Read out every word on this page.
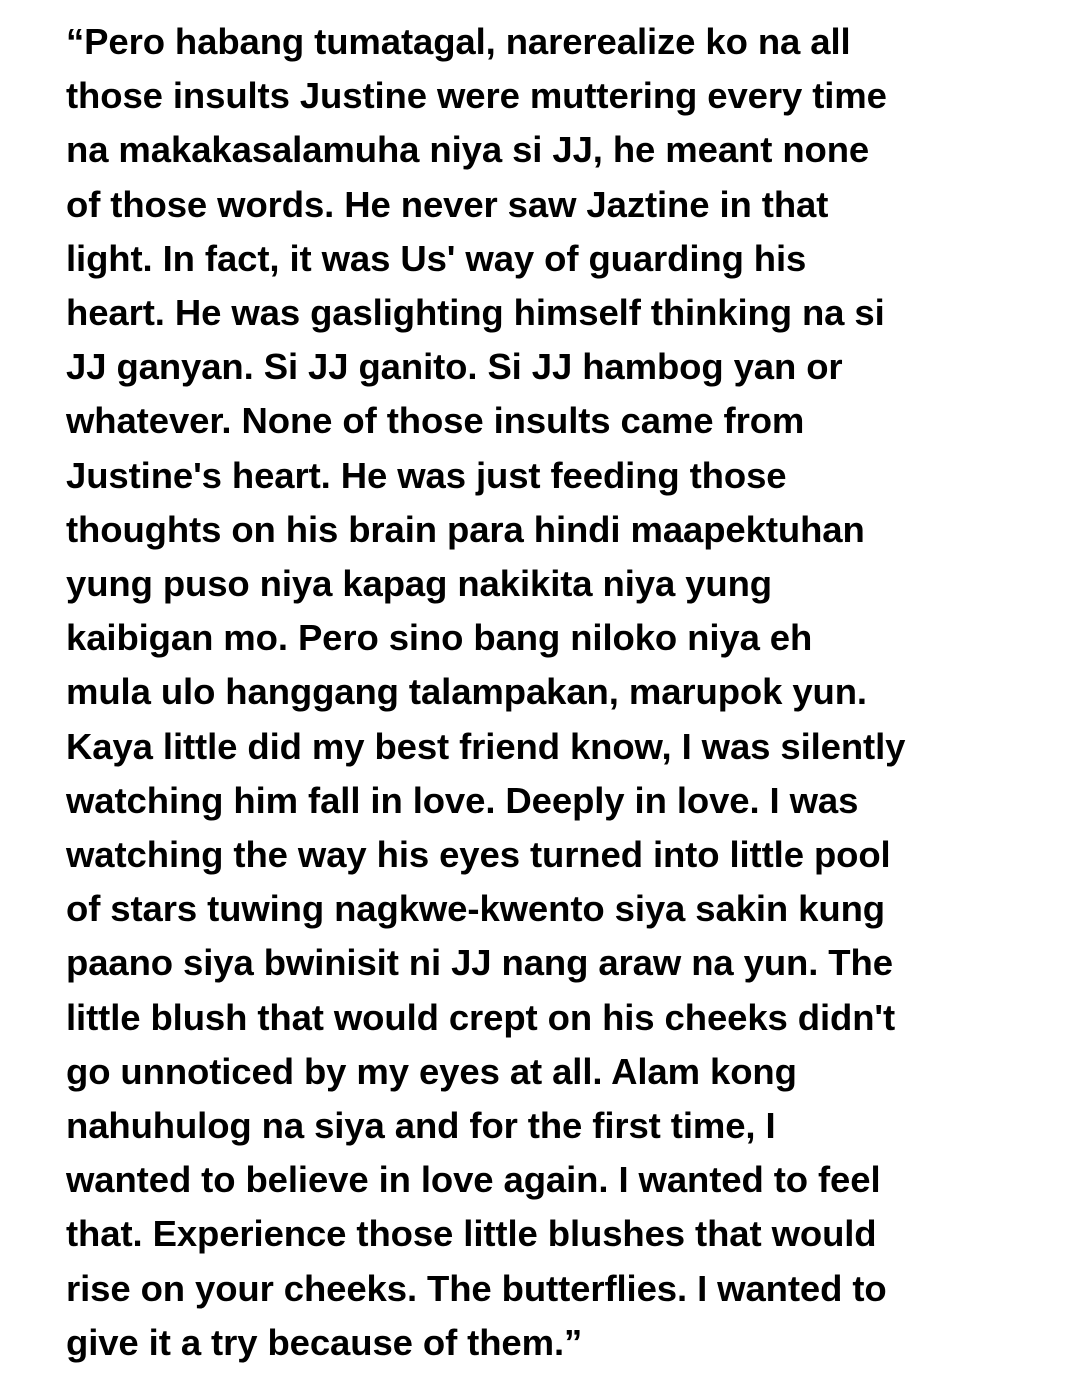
“Pero habang tumatagal, narerealize ko na all
those insults Justine were muttering every time
na makakasalamuha niya si JJ, he meant none
of those words. He never saw Jaztine in that
light. In fact, it was Us' way of guarding his
heart. He was gaslighting himself thinking na si
JJ ganyan. Si JJ ganito. Si JJ hambog yan or
whatever. None of those insults came from
Justine's heart. He was just feeding those
thoughts on his brain para hindi maapektuhan
yung puso niya kapag nakikita niya yung
kaibigan mo. Pero sino bang niloko niya eh
mula ulo hanggang talampakan, marupok yun.
Kaya little did my best friend know, I was silently
watching him fall in love. Deeply in love. I was
watching the way his eyes turned into little pool
of stars tuwing nagkwe-kwento siya sakin kung
paano siya bwinisit ni JJ nang araw na yun. The
little blush that would crept on his cheeks didn't
go unnoticed by my eyes at all. Alam kong
nahuhulog na siya and for the first time, I
wanted to believe in love again. I wanted to feel
that. Experience those little blushes that would
rise on your cheeks. The butterflies. I wanted to
give it a try because of them.”
